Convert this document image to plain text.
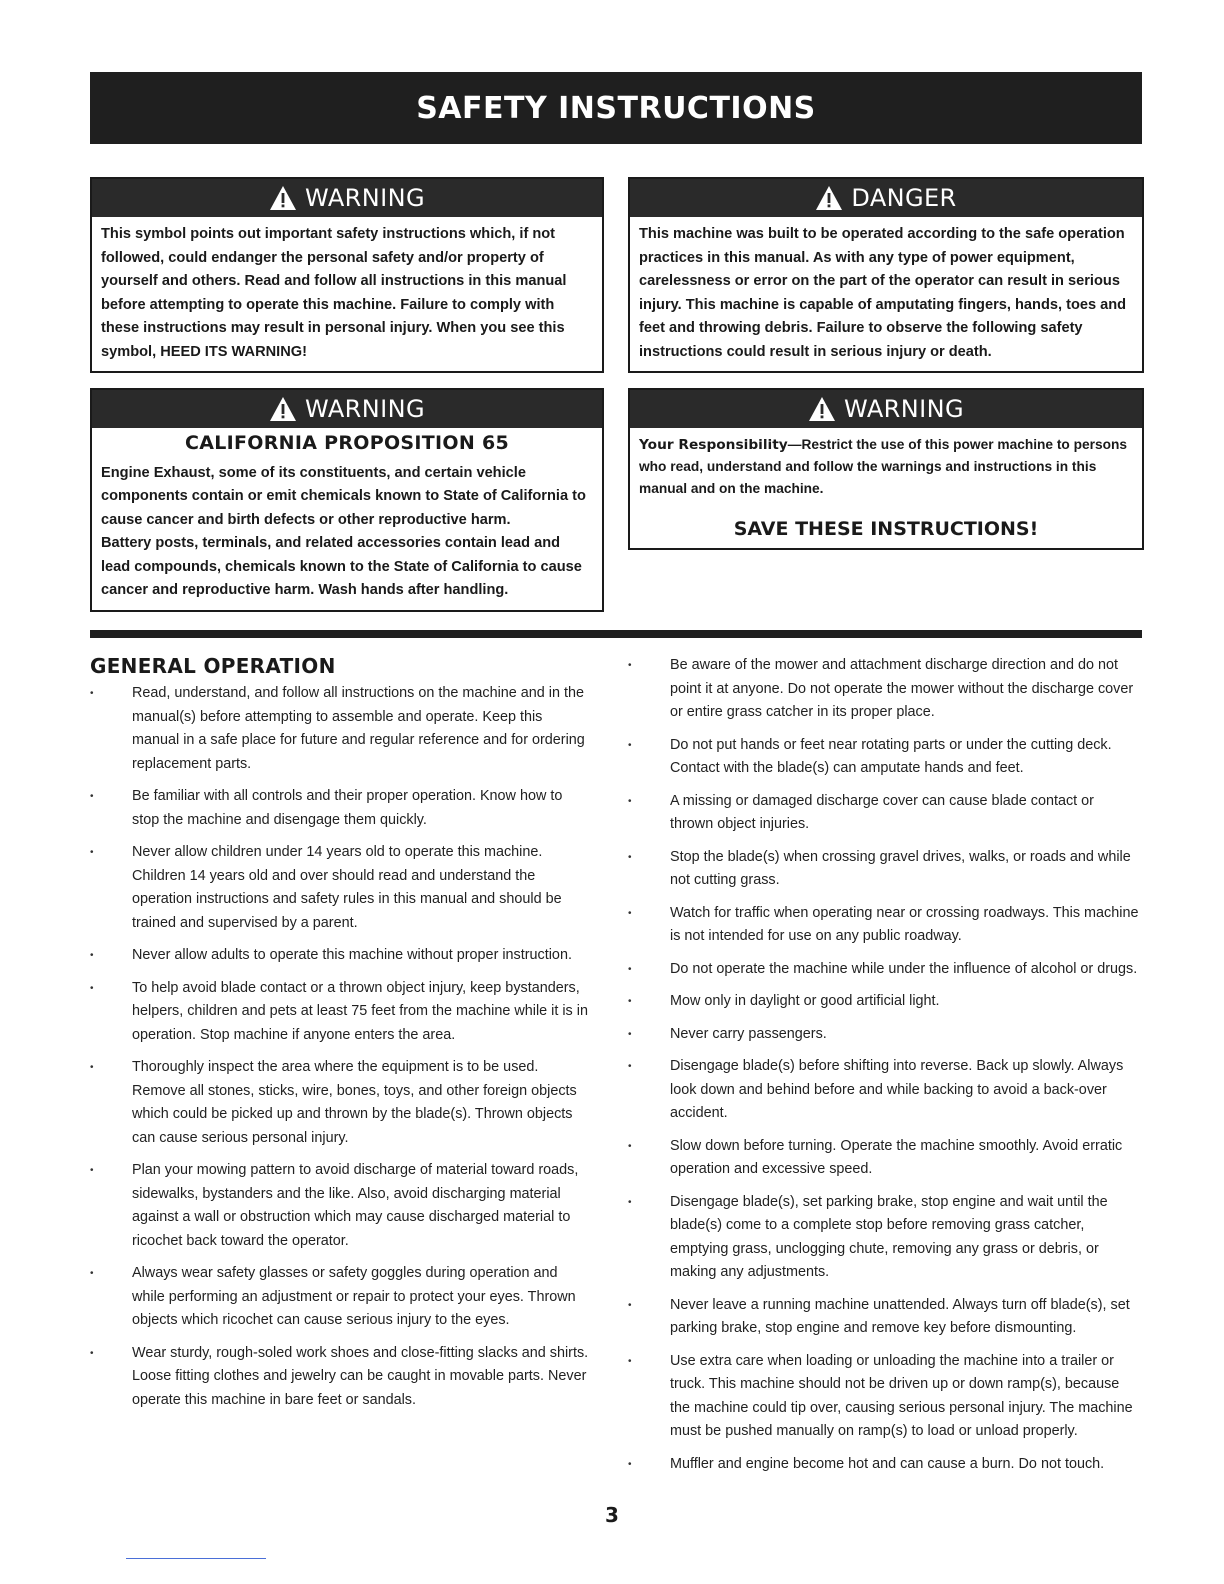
SAFETY INSTRUCTIONS
WARNING

This symbol points out important safety instructions which, if not followed, could endanger the personal safety and/or property of yourself and others. Read and follow all instructions in this manual before attempting to operate this machine. Failure to comply with these instructions may result in personal injury. When you see this symbol, HEED ITS WARNING!

DANGER

This machine was built to be operated according to the safe operation practices in this manual. As with any type of power equipment, carelessness or error on the part of the operator can result in serious injury. This machine is capable of amputating fingers, hands, toes and feet and throwing debris. Failure to observe the following safety instructions could result in serious injury or death.

WARNING
CALIFORNIA PROPOSITION 65

Engine Exhaust, some of its constituents, and certain vehicle components contain or emit chemicals known to State of California to cause cancer and birth defects or other reproductive harm.

Battery posts, terminals, and related accessories contain lead and lead compounds, chemicals known to the State of California to cause cancer and reproductive harm. Wash hands after handling.

WARNING

Your Responsibility—Restrict the use of this power machine to persons who read, understand and follow the warnings and instructions in this manual and on the machine.

SAVE THESE INSTRUCTIONS!
GENERAL OPERATION
• Read, understand, and follow all instructions on the machine and in the manual(s) before attempting to assemble and operate. Keep this manual in a safe place for future and regular reference and for ordering replacement parts.
• Be familiar with all controls and their proper operation. Know how to stop the machine and disengage them quickly.
• Never allow children under 14 years old to operate this machine. Children 14 years old and over should read and understand the operation instructions and safety rules in this manual and should be trained and supervised by a parent.
• Never allow adults to operate this machine without proper instruction.
• To help avoid blade contact or a thrown object injury, keep bystanders, helpers, children and pets at least 75 feet from the machine while it is in operation. Stop machine if anyone enters the area.
• Thoroughly inspect the area where the equipment is to be used. Remove all stones, sticks, wire, bones, toys, and other foreign objects which could be picked up and thrown by the blade(s). Thrown objects can cause serious personal injury.
• Plan your mowing pattern to avoid discharge of material toward roads, sidewalks, bystanders and the like. Also, avoid discharging material against a wall or obstruction which may cause discharged material to ricochet back toward the operator.
• Always wear safety glasses or safety goggles during operation and while performing an adjustment or repair to protect your eyes. Thrown objects which ricochet can cause serious injury to the eyes.
• Wear sturdy, rough-soled work shoes and close-fitting slacks and shirts. Loose fitting clothes and jewelry can be caught in movable parts. Never operate this machine in bare feet or sandals.
• Be aware of the mower and attachment discharge direction and do not point it at anyone. Do not operate the mower without the discharge cover or entire grass catcher in its proper place.
• Do not put hands or feet near rotating parts or under the cutting deck. Contact with the blade(s) can amputate hands and feet.
• A missing or damaged discharge cover can cause blade contact or thrown object injuries.
• Stop the blade(s) when crossing gravel drives, walks, or roads and while not cutting grass.
• Watch for traffic when operating near or crossing roadways. This machine is not intended for use on any public roadway.
• Do not operate the machine while under the influence of alcohol or drugs.
• Mow only in daylight or good artificial light.
• Never carry passengers.
• Disengage blade(s) before shifting into reverse. Back up slowly. Always look down and behind before and while backing to avoid a back-over accident.
• Slow down before turning. Operate the machine smoothly. Avoid erratic operation and excessive speed.
• Disengage blade(s), set parking brake, stop engine and wait until the blade(s) come to a complete stop before removing grass catcher, emptying grass, unclogging chute, removing any grass or debris, or making any adjustments.
• Never leave a running machine unattended. Always turn off blade(s), set parking brake, stop engine and remove key before dismounting.
• Use extra care when loading or unloading the machine into a trailer or truck. This machine should not be driven up or down ramp(s), because the machine could tip over, causing serious personal injury. The machine must be pushed manually on ramp(s) to load or unload properly.
• Muffler and engine become hot and can cause a burn. Do not touch.
3
